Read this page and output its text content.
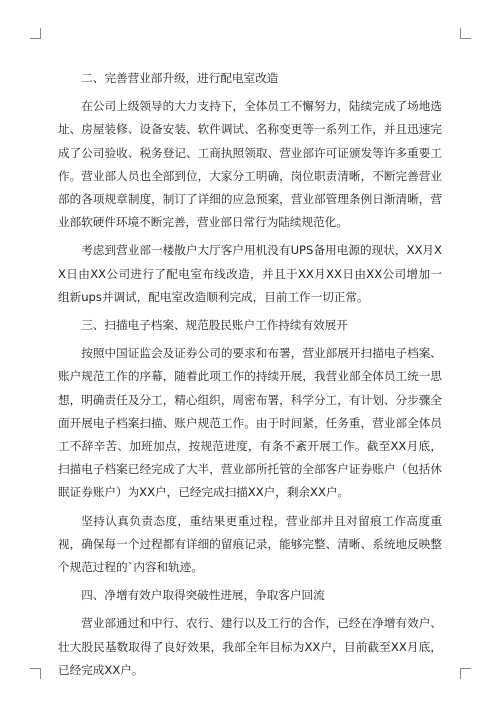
二、完善营业部升级，进行配电室改造

在公司上级领导的大力支持下，全体员工不懈努力，陆续完成了场地选址、房屋装修、设备安装、软件调试、名称变更等一系列工作，并且迅速完成了公司验收、税务登记、工商执照领取、营业部许可证颁发等许多重要工作。营业部人员也全部到位，大家分工明确，岗位职责清晰，不断完善营业部的各项规章制度，制订了详细的应急预案，营业部管理条例日渐清晰，营业部软硬件环境不断完善，营业部日常行为陆续规范化。

考虑到营业部一楼散户大厅客户用机没有UPS备用电源的现状，XX月XX日由XX公司进行了配电室布线改造，并且于XX月XX日由XX公司增加一组新ups并调试，配电室改造顺利完成，目前工作一切正常。

三、扫描电子档案、规范股民账户工作持续有效展开

按照中国证监会及证券公司的要求和布署，营业部展开扫描电子档案、账户规范工作的序幕，随着此项工作的持续开展，我营业部全体员工统一思想，明确责任及分工，精心组织，周密布署，科学分工，有计划、分步骤全面开展电子档案扫描、账户规范工作。由于时间紧，任务重，营业部全体员工不辞辛苦、加班加点，按规范进度，有条不紊开展工作。截至XX月底，扫描电子档案已经完成了大半，营业部所托管的全部客户证券账户（包括休眠证券账户）为XX户，已经完成扫描XX户，剩余XX户。

坚持认真负责态度，重结果更重过程，营业部并且对留痕工作高度重视，确保每一个过程都有详细的留痕记录，能够完整、清晰、系统地反映整个规范过程的`内容和轨迹。

四、净增有效户取得突破性进展，争取客户回流

营业部通过和中行、农行、建行以及工行的合作，已经在净增有效户、壮大股民基数取得了良好效果，我部全年目标为XX户，目前截至XX月底，已经完成XX户。
